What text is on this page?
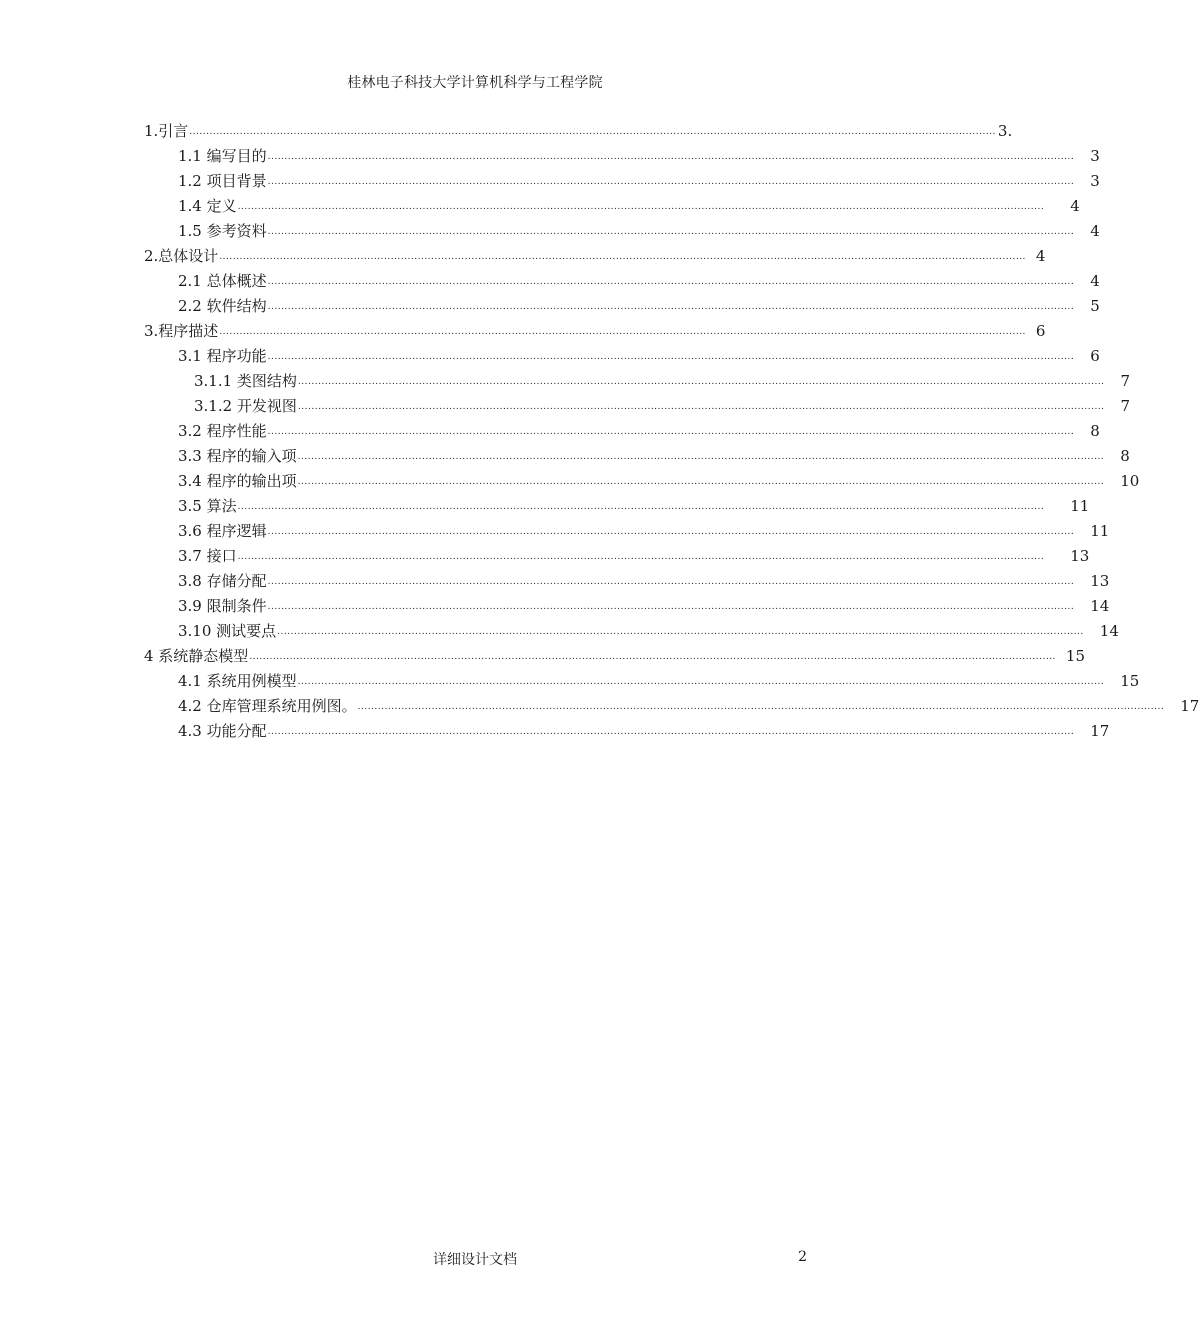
桂林电子科技大学计算机科学与工程学院
1.引言 ................................................................................................................................................................................................................................................ 3.
1.1 编写目的 ................................................................................................................................................................................................................................................ 3
1.2 项目背景 ................................................................................................................................................................................................................................................ 3
1.4 定义 ................................................................................................................................................................................................................................................ 4
1.5 参考资料 ................................................................................................................................................................................................................................................ 4
2.总体设计 ................................................................................................................................................................................................................................................ 4
2.1 总体概述 ................................................................................................................................................................................................................................................ 4
2.2 软件结构 ................................................................................................................................................................................................................................................ 5
3.程序描述 ................................................................................................................................................................................................................................................ 6
3.1 程序功能 ................................................................................................................................................................................................................................................ 6
3.1.1 类图结构 ................................................................................................................................................................................................................................................ 7
3.1.2 开发视图 ................................................................................................................................................................................................................................................ 7
3.2 程序性能 ................................................................................................................................................................................................................................................ 8
3.3 程序的输入项 ................................................................................................................................................................................................................................................ 8
3.4 程序的输出项 ................................................................................................................................................................................................................................................ 10
3.5 算法 ................................................................................................................................................................................................................................................ 11
3.6 程序逻辑 ................................................................................................................................................................................................................................................ 11
3.7 接口 ................................................................................................................................................................................................................................................ 13
3.8 存储分配 ................................................................................................................................................................................................................................................ 13
3.9 限制条件 ................................................................................................................................................................................................................................................ 14
3.10 测试要点 ................................................................................................................................................................................................................................................ 14
4 系统静态模型 ................................................................................................................................................................................................................................................ 15
4.1 系统用例模型 ................................................................................................................................................................................................................................................ 15
4.2 仓库管理系统用例图。 ................................................................................................................................................................................................................................................ 17
4.3 功能分配 ................................................................................................................................................................................................................................................ 17
详细设计文档	2
